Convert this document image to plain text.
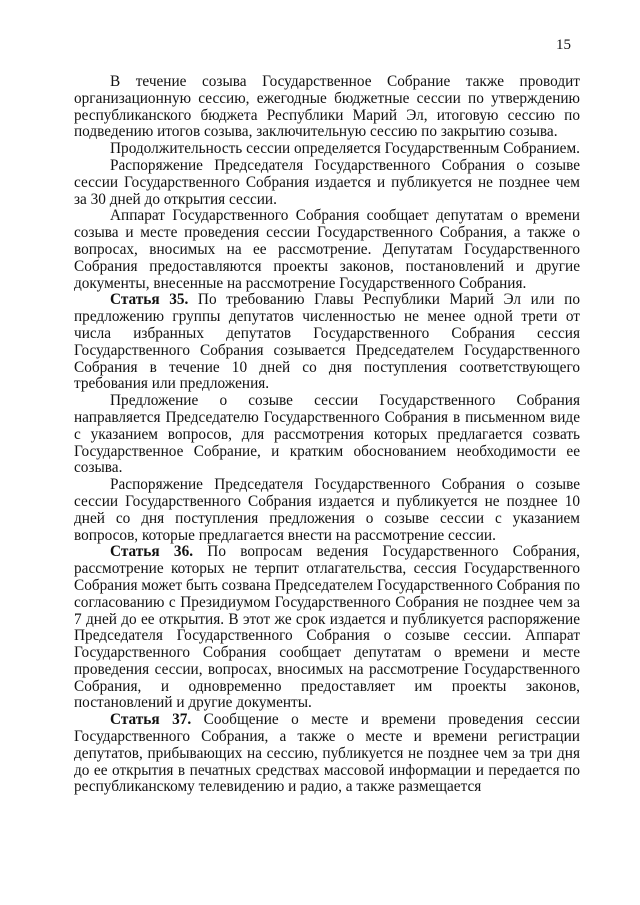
15

В течение созыва Государственное Собрание также проводит организационную сессию, ежегодные бюджетные сессии по утверждению республиканского бюджета Республики Марий Эл, итоговую сессию по подведению итогов созыва, заключительную сессию по закрытию созыва.

Продолжительность сессии определяется Государственным Собранием.

Распоряжение Председателя Государственного Собрания о созыве сессии Государственного Собрания издается и публикуется не позднее чем за 30 дней до открытия сессии.

Аппарат Государственного Собрания сообщает депутатам о времени созыва и месте проведения сессии Государственного Собрания, а также о вопросах, вносимых на ее рассмотрение. Депутатам Государственного Собрания предоставляются проекты законов, постановлений и другие документы, внесенные на рассмотрение Государственного Собрания.

Статья 35. По требованию Главы Республики Марий Эл или по предложению группы депутатов численностью не менее одной трети от числа избранных депутатов Государственного Собрания сессия Государственного Собрания созывается Председателем Государственного Собрания в течение 10 дней со дня поступления соответствующего требования или предложения.

Предложение о созыве сессии Государственного Собрания направляется Председателю Государственного Собрания в письменном виде с указанием вопросов, для рассмотрения которых предлагается созвать Государственное Собрание, и кратким обоснованием необходимости ее созыва.

Распоряжение Председателя Государственного Собрания о созыве сессии Государственного Собрания издается и публикуется не позднее 10 дней со дня поступления предложения о созыве сессии с указанием вопросов, которые предлагается внести на рассмотрение сессии.

Статья 36. По вопросам ведения Государственного Собрания, рассмотрение которых не терпит отлагательства, сессия Государственного Собрания может быть созвана Председателем Государственного Собрания по согласованию с Президиумом Государственного Собрания не позднее чем за 7 дней до ее открытия. В этот же срок издается и публикуется распоряжение Председателя Государственного Собрания о созыве сессии. Аппарат Государственного Собрания сообщает депутатам о времени и месте проведения сессии, вопросах, вносимых на рассмотрение Государственного Собрания, и одновременно предоставляет им проекты законов, постановлений и другие документы.

Статья 37. Сообщение о месте и времени проведения сессии Государственного Собрания, а также о месте и времени регистрации депутатов, прибывающих на сессию, публикуется не позднее чем за три дня до ее открытия в печатных средствах массовой информации и передается по республиканскому телевидению и радио, а также размещается
